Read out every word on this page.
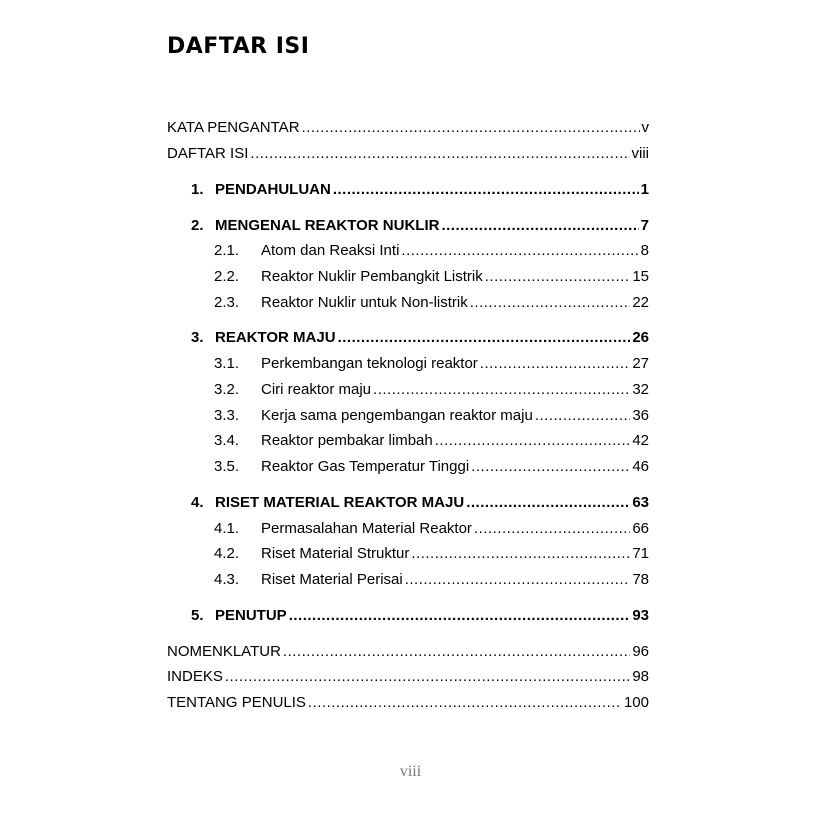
DAFTAR ISI
KATA PENGANTAR .....	v
DAFTAR ISI .....	viii
1. PENDAHULUAN .....	1
2. MENGENAL REAKTOR NUKLIR .....	7
2.1.	Atom dan Reaksi Inti .....	8
2.2.	Reaktor Nuklir Pembangkit Listrik .....	15
2.3.	Reaktor Nuklir untuk Non-listrik .....	22
3. REAKTOR MAJU .....	26
3.1.	Perkembangan teknologi reaktor .....	27
3.2.	Ciri reaktor maju .....	32
3.3.	Kerja sama pengembangan reaktor maju .....	36
3.4.	Reaktor pembakar limbah .....	42
3.5.	Reaktor Gas Temperatur Tinggi .....	46
4. RISET MATERIAL REAKTOR MAJU .....	63
4.1.	Permasalahan Material Reaktor .....	66
4.2.	Riset Material Struktur .....	71
4.3.	Riset Material Perisai .....	78
5. PENUTUP .....	93
NOMENKLATUR .....	96
INDEKS .....	98
TENTANG PENULIS .....	100
viii
